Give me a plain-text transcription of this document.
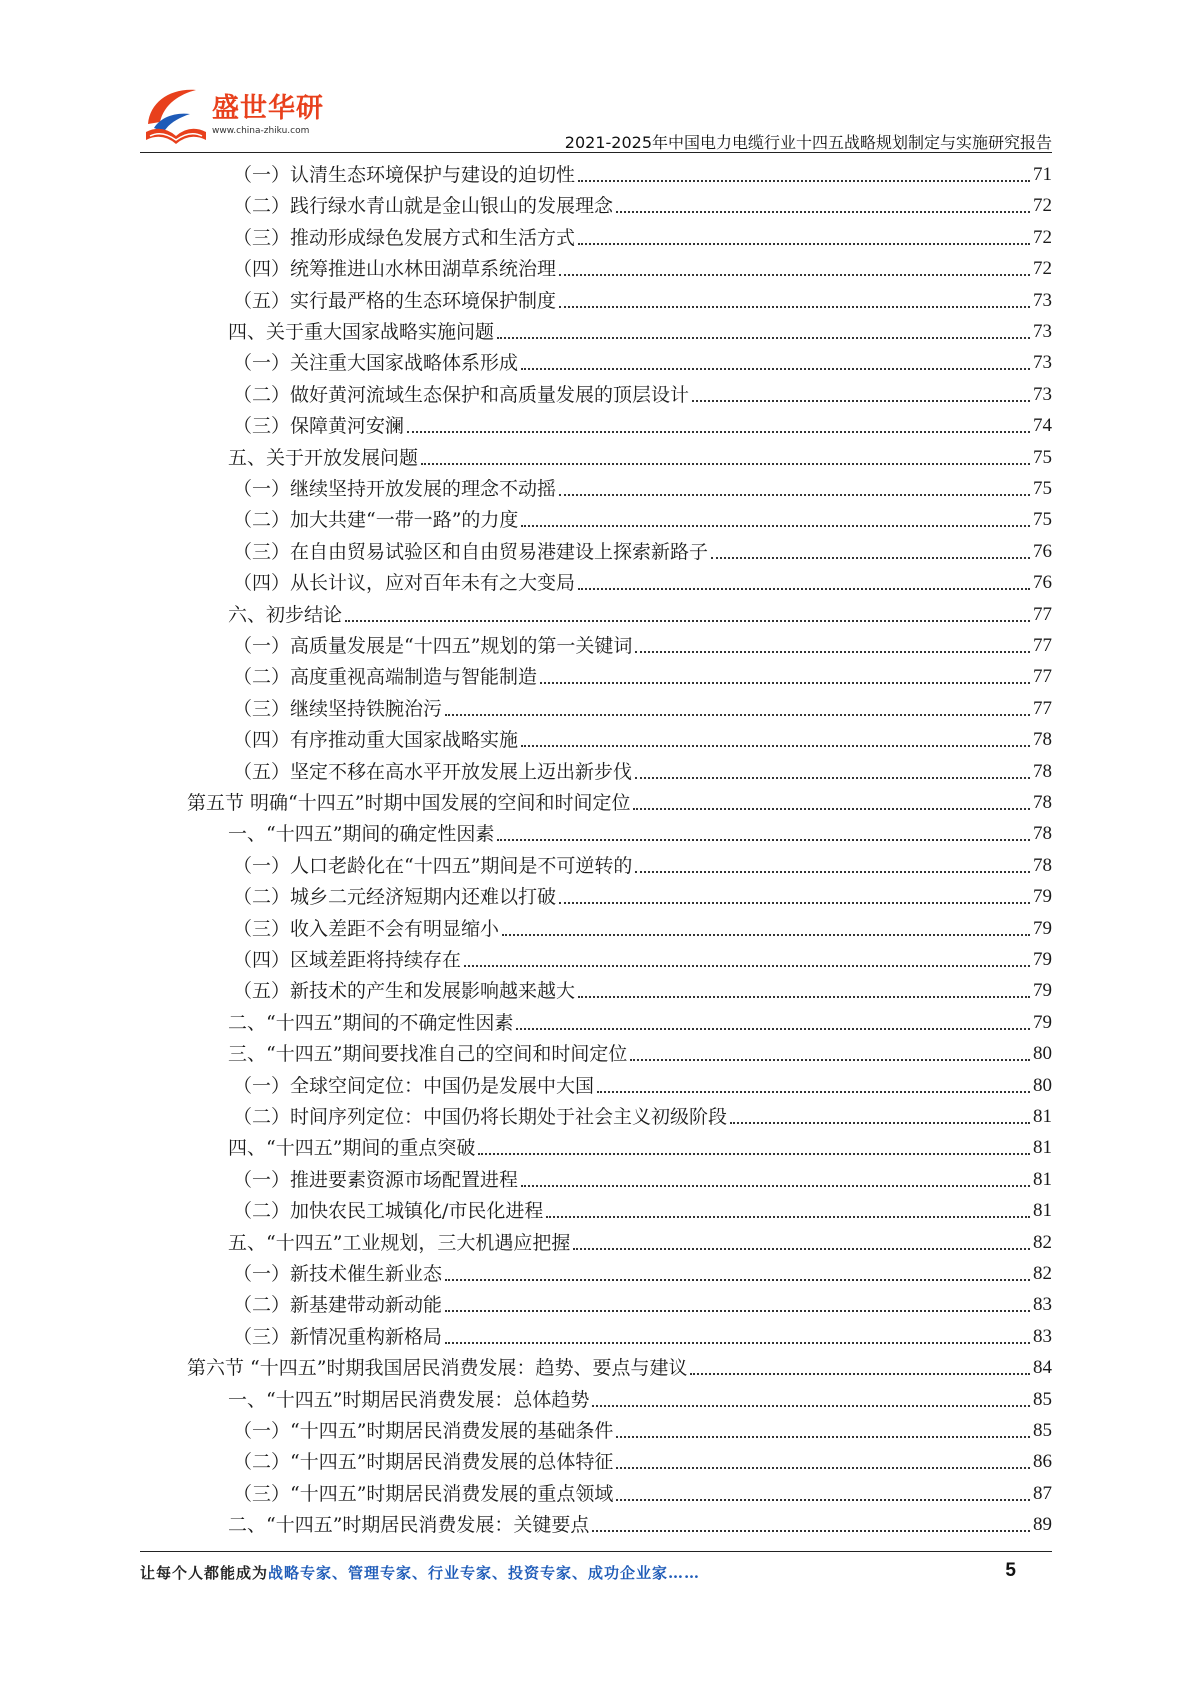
盛世华研
www.china-zhiku.com
2021-2025年中国电力电缆行业十四五战略规划制定与实施研究报告
（一）认清生态环境保护与建设的迫切性	71
（二）践行绿水青山就是金山银山的发展理念	72
（三）推动形成绿色发展方式和生活方式	72
（四）统筹推进山水林田湖草系统治理	72
（五）实行最严格的生态环境保护制度	73
四、关于重大国家战略实施问题	73
（一）关注重大国家战略体系形成	73
（二）做好黄河流域生态保护和高质量发展的顶层设计	73
（三）保障黄河安澜	74
五、关于开放发展问题	75
（一）继续坚持开放发展的理念不动摇	75
（二）加大共建“一带一路”的力度	75
（三）在自由贸易试验区和自由贸易港建设上探索新路子	76
（四）从长计议，应对百年未有之大变局	76
六、初步结论	77
（一）高质量发展是“十四五”规划的第一关键词	77
（二）高度重视高端制造与智能制造	77
（三）继续坚持铁腕治污	77
（四）有序推动重大国家战略实施	78
（五）坚定不移在高水平开放发展上迈出新步伐	78
第五节 明确“十四五”时期中国发展的空间和时间定位	78
一、“十四五”期间的确定性因素	78
（一）人口老龄化在“十四五”期间是不可逆转的	78
（二）城乡二元经济短期内还难以打破	79
（三）收入差距不会有明显缩小	79
（四）区域差距将持续存在	79
（五）新技术的产生和发展影响越来越大	79
二、“十四五”期间的不确定性因素	79
三、“十四五”期间要找准自己的空间和时间定位	80
（一）全球空间定位：中国仍是发展中大国	80
（二）时间序列定位：中国仍将长期处于社会主义初级阶段	81
四、“十四五”期间的重点突破	81
（一）推进要素资源市场配置进程	81
（二）加快农民工城镇化/市民化进程	81
五、“十四五”工业规划，三大机遇应把握	82
（一）新技术催生新业态	82
（二）新基建带动新动能	83
（三）新情况重构新格局	83
第六节 “十四五”时期我国居民消费发展：趋势、要点与建议	84
一、“十四五”时期居民消费发展：总体趋势	85
（一）“十四五”时期居民消费发展的基础条件	85
（二）“十四五”时期居民消费发展的总体特征	86
（三）“十四五”时期居民消费发展的重点领域	87
二、“十四五”时期居民消费发展：关键要点	89
让每个人都能成为战略专家、管理专家、行业专家、投资专家、成功企业家……	5
